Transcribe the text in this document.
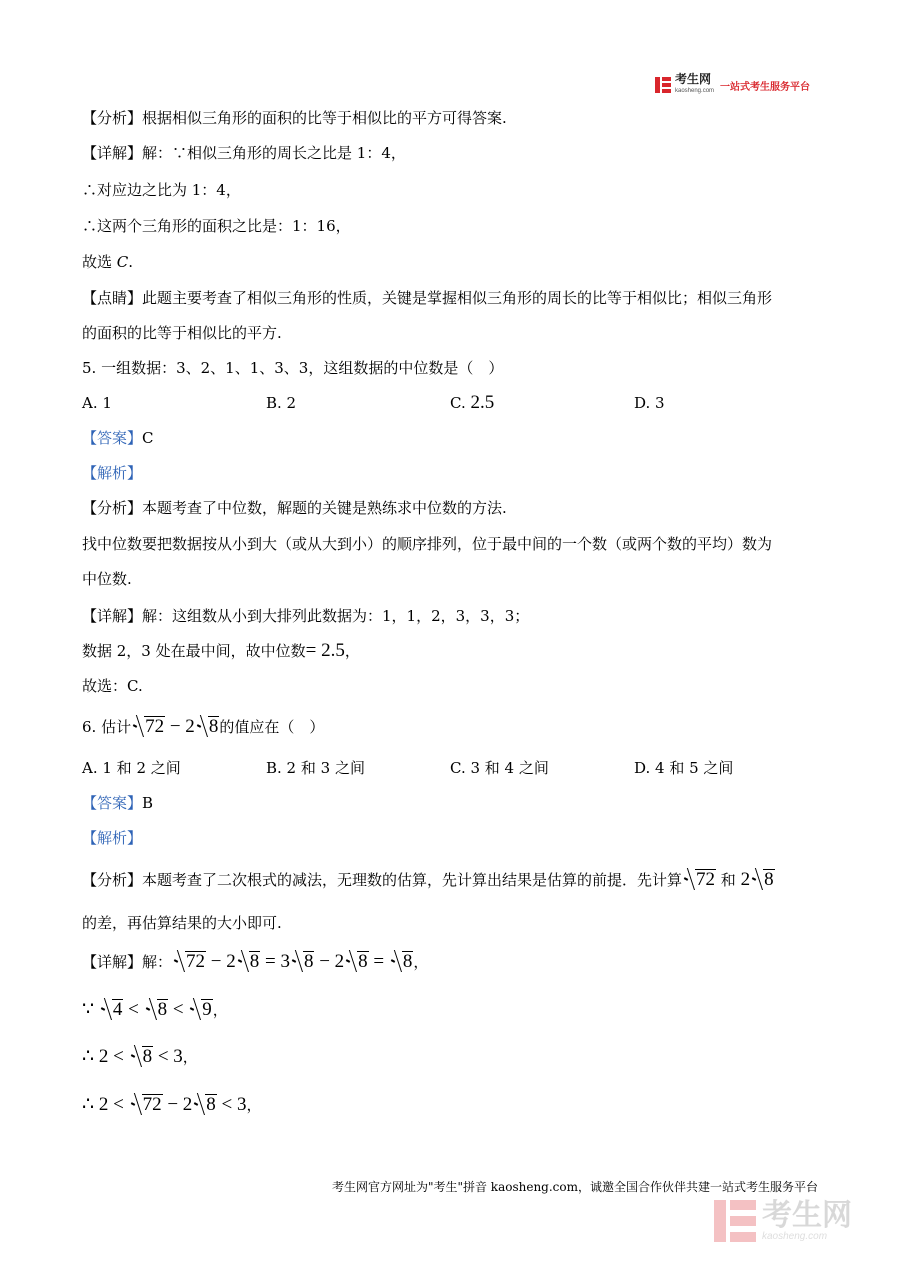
考生网
kaosheng.com 一站式考生服务平台
【分析】根据相似三角形的面积的比等于相似比的平方可得答案.
【详解】解：∵相似三角形的周长之比是 1：4，
∴对应边之比为 1：4，
∴这两个三角形的面积之比是：1：16，
故选 C.
【点睛】此题主要考查了相似三角形的性质，关键是掌握相似三角形的周长的比等于相似比；相似三角形
的面积的比等于相似比的平方.
5. 一组数据：3、2、1、1、3、3，这组数据的中位数是（　）
A. 1	B. 2	C. 2.5	D. 3
【答案】C
【解析】
【分析】本题考查了中位数，解题的关键是熟练求中位数的方法.
找中位数要把数据按从小到大（或从大到小）的顺序排列，位于最中间的一个数（或两个数的平均）数为
中位数.
【详解】解：这组数从小到大排列此数据为：1，1，2，3，3，3；
数据 2，3 处在最中间，故中位数= 2.5，
故选：C.
6. 估计 72 − 2 8的值应在（　）
A. 1 和 2 之间	B. 2 和 3 之间	C. 3 和 4 之间	D. 4 和 5 之间
【答案】B
【解析】
【分析】本题考查了二次根式的减法，无理数的估算，先计算出结果是估算的前提．先计算 72 和 2 8
的差，再估算结果的大小即可.
【详解】解： 72 − 2 8 = 3 8 − 2 8 = 8，
∵ 4 < 8 < 9，
∴ 2 < 8 < 3，
∴ 2 < 72 − 2 8 < 3，
考生网官方网址为"考生"拼音 kaosheng.com，诚邀全国合作伙伴共建一站式考生服务平台
考生网
kaosheng.com
